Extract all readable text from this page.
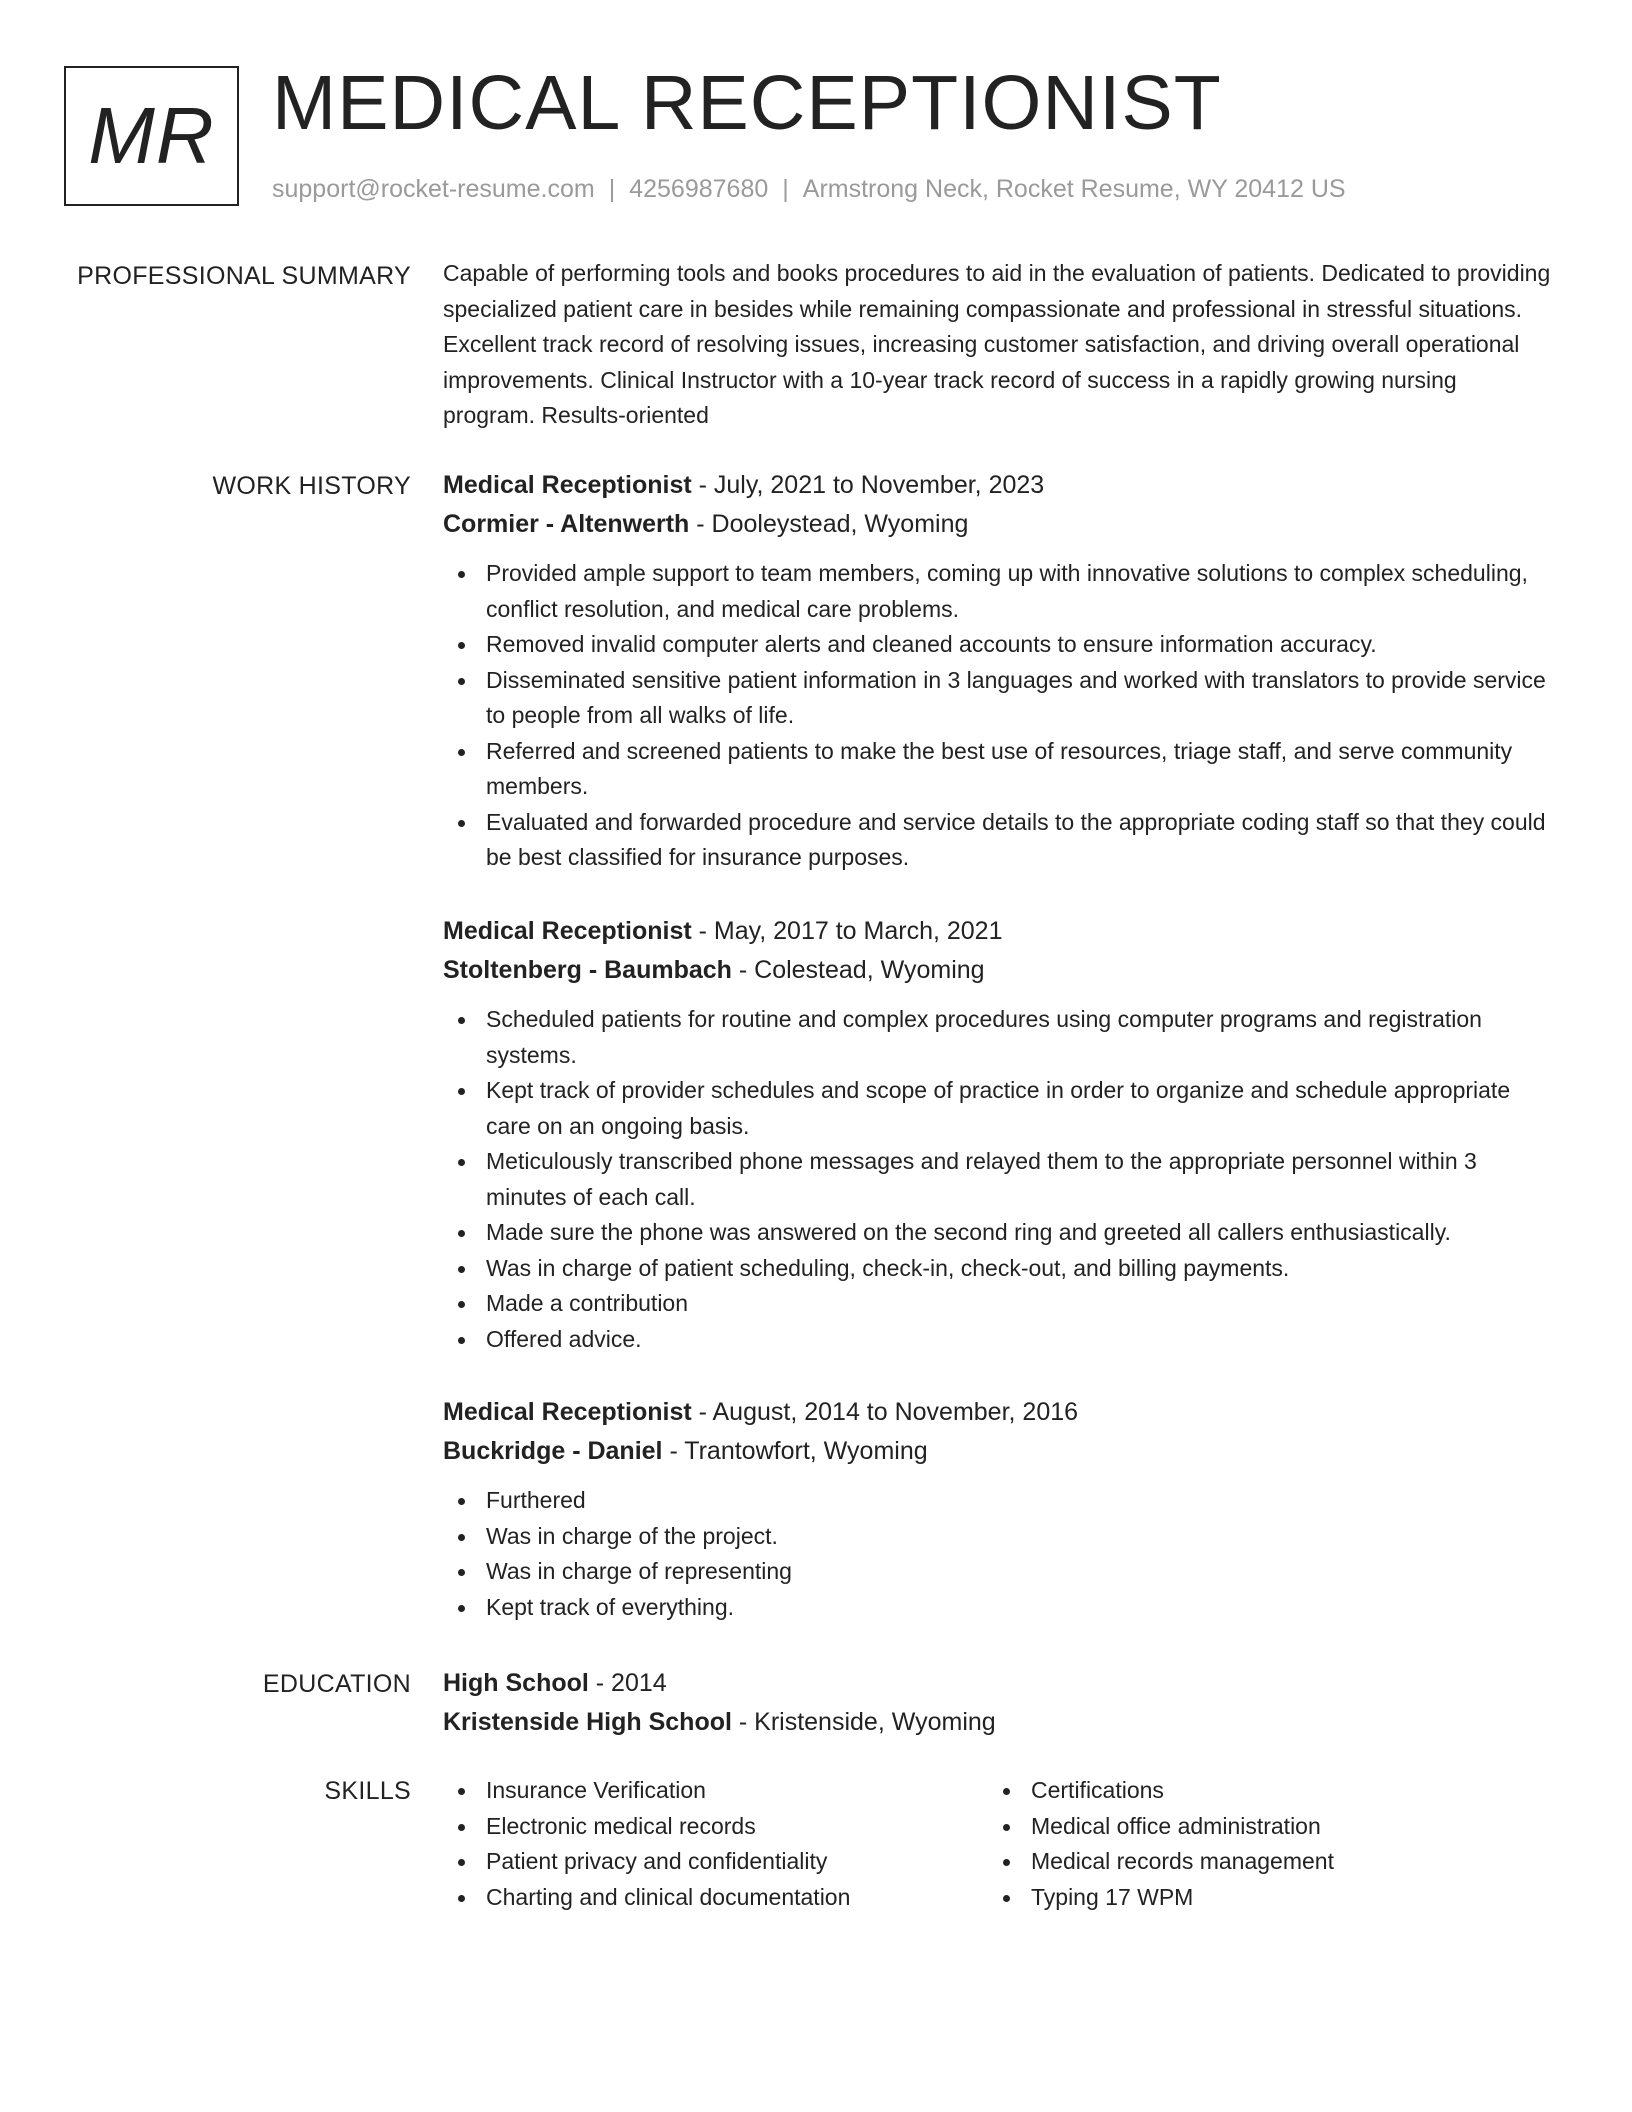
MR MEDICAL RECEPTIONIST
support@rocket-resume.com | 4256987680 | Armstrong Neck, Rocket Resume, WY 20412 US
PROFESSIONAL SUMMARY Capable of performing tools and books procedures to aid in the evaluation of patients. Dedicated to providing specialized patient care in besides while remaining compassionate and professional in stressful situations. Excellent track record of resolving issues, increasing customer satisfaction, and driving overall operational improvements. Clinical Instructor with a 10-year track record of success in a rapidly growing nursing program. Results-oriented

WORK HISTORY Medical Receptionist - July, 2021 to November, 2023
Cormier - Altenwerth - Dooleystead, Wyoming
Provided ample support to team members, coming up with innovative solutions to complex scheduling, conflict resolution, and medical care problems.
Removed invalid computer alerts and cleaned accounts to ensure information accuracy.
Disseminated sensitive patient information in 3 languages and worked with translators to provide service to people from all walks of life.
Referred and screened patients to make the best use of resources, triage staff, and serve community members.
Evaluated and forwarded procedure and service details to the appropriate coding staff so that they could be best classified for insurance purposes.
Medical Receptionist - May, 2017 to March, 2021
Stoltenberg - Baumbach - Colestead, Wyoming
Scheduled patients for routine and complex procedures using computer programs and registration systems.
Kept track of provider schedules and scope of practice in order to organize and schedule appropriate care on an ongoing basis.
Meticulously transcribed phone messages and relayed them to the appropriate personnel within 3 minutes of each call.
Made sure the phone was answered on the second ring and greeted all callers enthusiastically.
Was in charge of patient scheduling, check-in, check-out, and billing payments.
Made a contribution
Offered advice.
Medical Receptionist - August, 2014 to November, 2016
Buckridge - Daniel - Trantowfort, Wyoming
Furthered
Was in charge of the project.
Was in charge of representing
Kept track of everything.
EDUCATION High School - 2014
Kristenside High School - Kristenside, Wyoming
SKILLS	Insurance Verification
Electronic medical records
Patient privacy and confidentiality
Charting and clinical documentation
Certifications
Medical office administration
Medical records management
Typing 17 WPM
